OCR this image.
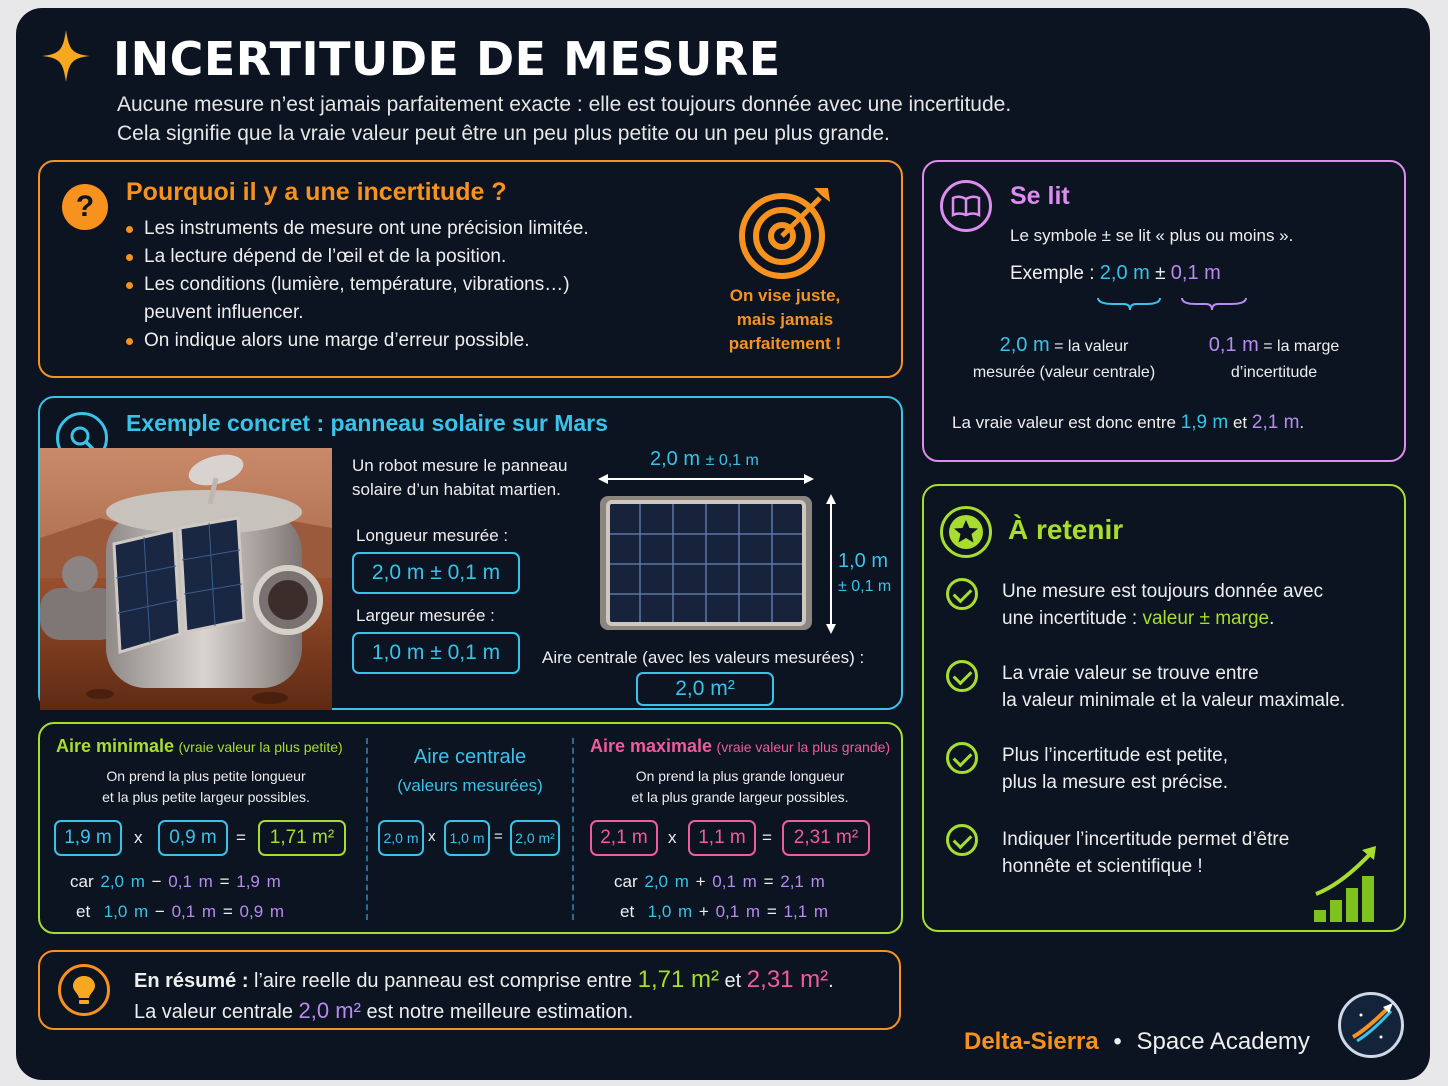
INCERTITUDE DE MESURE
Aucune mesure n’est jamais parfaitement exacte : elle est toujours donnée avec une incertitude.
Cela signifie que la vraie valeur peut être un peu plus petite ou un peu plus grande.
?	Pourquoi il y a une incertitude ?
Les instruments de mesure ont une précision limitée.
La lecture dépend de l’œil et de la position.
Les conditions (lumière, température, vibrations…)
peuvent influencer.
On indique alors une marge d’erreur possible.
On vise juste,
mais jamais
parfaitement !
Se lit
Le symbole ± se lit « plus ou moins ».
Exemple : 2,0 m ± 0,1 m
2,0 m = la valeur
mesurée (valeur centrale)
0,1 m = la marge
d’incertitude
La vraie valeur est donc entre 1,9 m et 2,1 m.
Exemple concret : panneau solaire sur Mars
Un robot mesure le panneau
solaire d’un habitat martien.
Longueur mesurée :
2,0 m ± 0,1 m
Largeur mesurée :
1,0 m ± 0,1 m
2,0 m ± 0,1 m
1,0 m
± 0,1 m
Aire centrale (avec les valeurs mesurées) :
2,0 m²
Aire minimale (vraie valeur la plus petite)
On prend la plus petite longueur
et la plus petite largeur possibles.
1,9 m	x	0,9 m	=	1,71 m²
car 2,0 m − 0,1 m = 1,9 m
et 1,0 m − 0,1 m = 0,9 m
Aire centrale
(valeurs mesurées)
2,0 m x 1,0 m = 2,0 m²
Aire maximale (vraie valeur la plus grande)
On prend la plus grande longueur
et la plus grande largeur possibles.
2,1 m	x	1,1 m =	2,31 m²
car 2,0 m + 0,1 m = 2,1 m
et 1,0 m + 0,1 m = 1,1 m
En résumé : l’aire reelle du panneau est comprise entre 1,71 m² et 2,31 m².
La valeur centrale 2,0 m² est notre meilleure estimation.
À retenir
Une mesure est toujours donnée avec
une incertitude : valeur ± marge.
La vraie valeur se trouve entre
la valeur minimale et la valeur maximale.
Plus l’incertitude est petite,
plus la mesure est précise.
Indiquer l’incertitude permet d’être
honnête et scientifique !
Delta-Sierra • Space Academy
